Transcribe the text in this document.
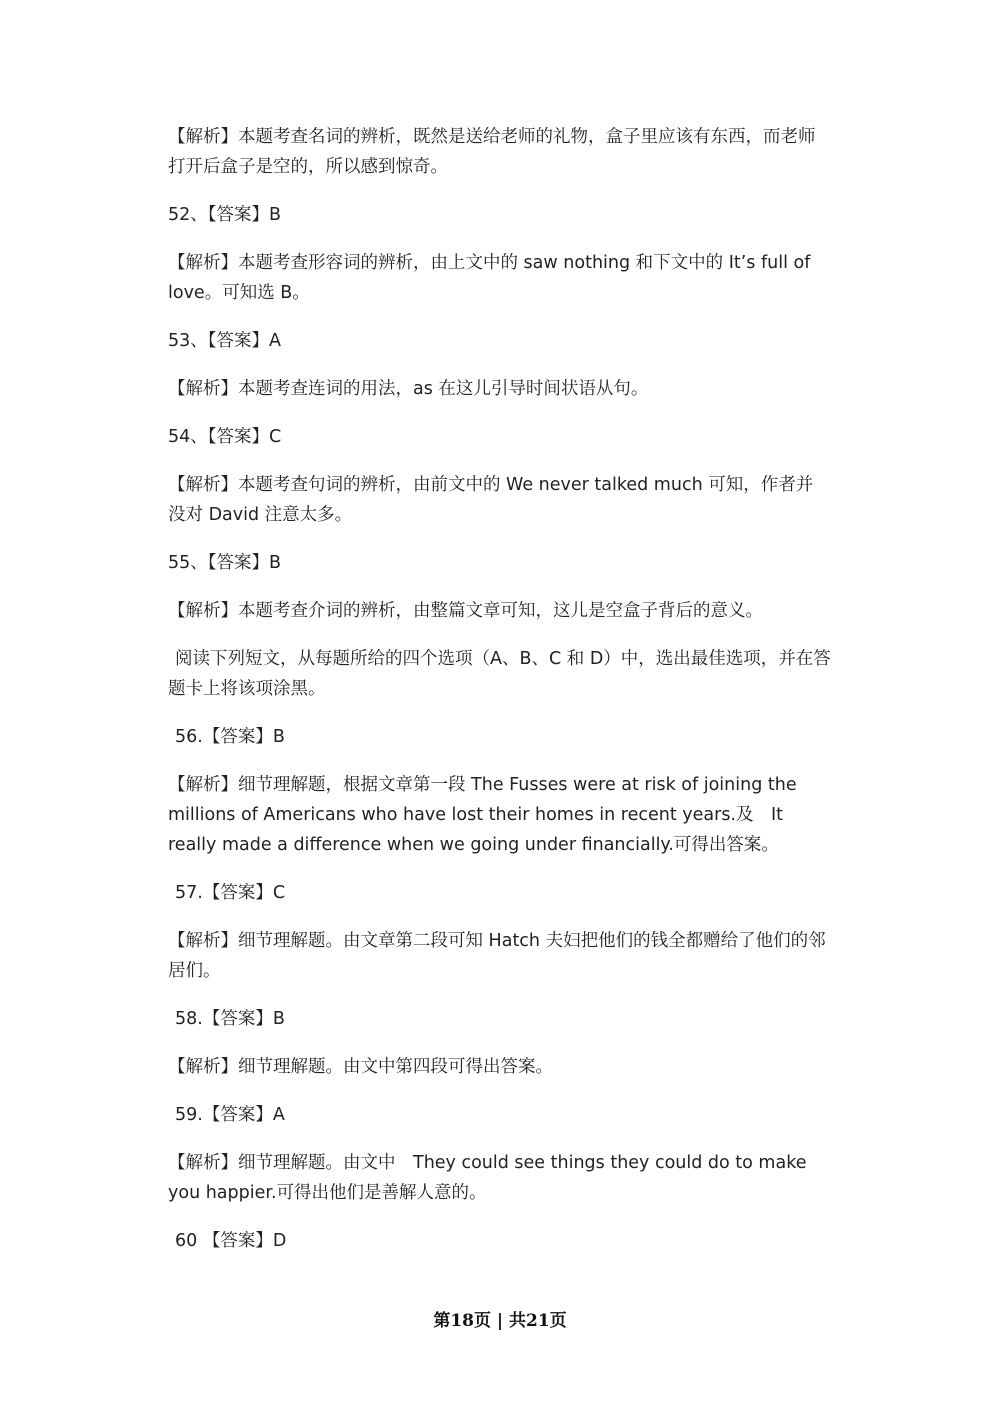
【解析】本题考查名词的辨析，既然是送给老师的礼物，盒子里应该有东西，而老师
打开后盒子是空的，所以感到惊奇。
52、【答案】B
【解析】本题考查形容词的辨析，由上文中的 saw nothing 和下文中的 It’s full of
love。可知选 B。
53、【答案】A
【解析】本题考查连词的用法，as 在这儿引导时间状语从句。
54、【答案】C
【解析】本题考查句词的辨析，由前文中的 We never talked much 可知，作者并
没对 David 注意太多。
55、【答案】B
【解析】本题考查介词的辨析，由整篇文章可知，这儿是空盒子背后的意义。
阅读下列短文，从每题所给的四个选项（A、B、C 和 D）中，选出最佳选项，并在答
题卡上将该项涂黑。
56.【答案】B
【解析】细节理解题，根据文章第一段 The Fusses were at risk of joining the
millions of Americans who have lost their homes in recent years.及　It
really made a difference when we going under financially.可得出答案。
57.【答案】C
【解析】细节理解题。由文章第二段可知 Hatch 夫妇把他们的钱全都赠给了他们的邻
居们。
58.【答案】B
【解析】细节理解题。由文中第四段可得出答案。
59.【答案】A
【解析】细节理解题。由文中　They could see things they could do to make
you happier.可得出他们是善解人意的。
60 【答案】D
第18页 | 共21页
